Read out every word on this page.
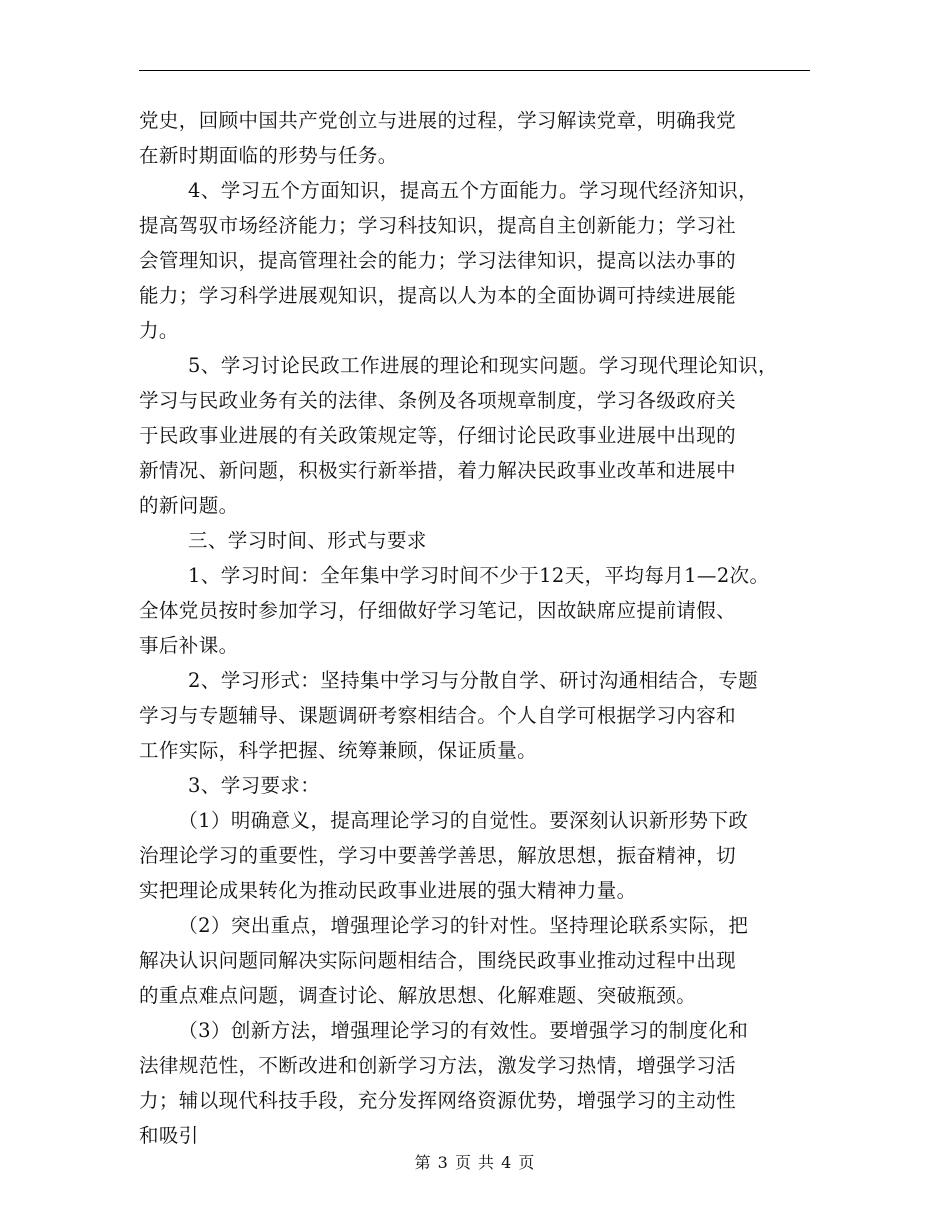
党史，回顾中国共产党创立与进展的过程，学习解读党章，明确我党
在新时期面临的形势与任务。
4、学习五个方面知识，提高五个方面能力。学习现代经济知识，
提高驾驭市场经济能力；学习科技知识，提高自主创新能力；学习社
会管理知识，提高管理社会的能力；学习法律知识，提高以法办事的
能力；学习科学进展观知识，提高以人为本的全面协调可持续进展能
力。
5、学习讨论民政工作进展的理论和现实问题。学习现代理论知识，
学习与民政业务有关的法律、条例及各项规章制度，学习各级政府关
于民政事业进展的有关政策规定等，仔细讨论民政事业进展中出现的
新情况、新问题，积极实行新举措，着力解决民政事业改革和进展中
的新问题。
三、学习时间、形式与要求
1、学习时间：全年集中学习时间不少于12天，平均每月1—2次。
全体党员按时参加学习，仔细做好学习笔记，因故缺席应提前请假、
事后补课。
2、学习形式：坚持集中学习与分散自学、研讨沟通相结合，专题
学习与专题辅导、课题调研考察相结合。个人自学可根据学习内容和
工作实际，科学把握、统筹兼顾，保证质量。
3、学习要求：
（1）明确意义，提高理论学习的自觉性。要深刻认识新形势下政
治理论学习的重要性，学习中要善学善思，解放思想，振奋精神，切
实把理论成果转化为推动民政事业进展的强大精神力量。
（2）突出重点，增强理论学习的针对性。坚持理论联系实际，把
解决认识问题同解决实际问题相结合，围绕民政事业推动过程中出现
的重点难点问题，调查讨论、解放思想、化解难题、突破瓶颈。
（3）创新方法，增强理论学习的有效性。要增强学习的制度化和
法律规范性，不断改进和创新学习方法，激发学习热情，增强学习活
力；辅以现代科技手段，充分发挥网络资源优势，增强学习的主动性
和吸引
第 3 页 共 4 页
